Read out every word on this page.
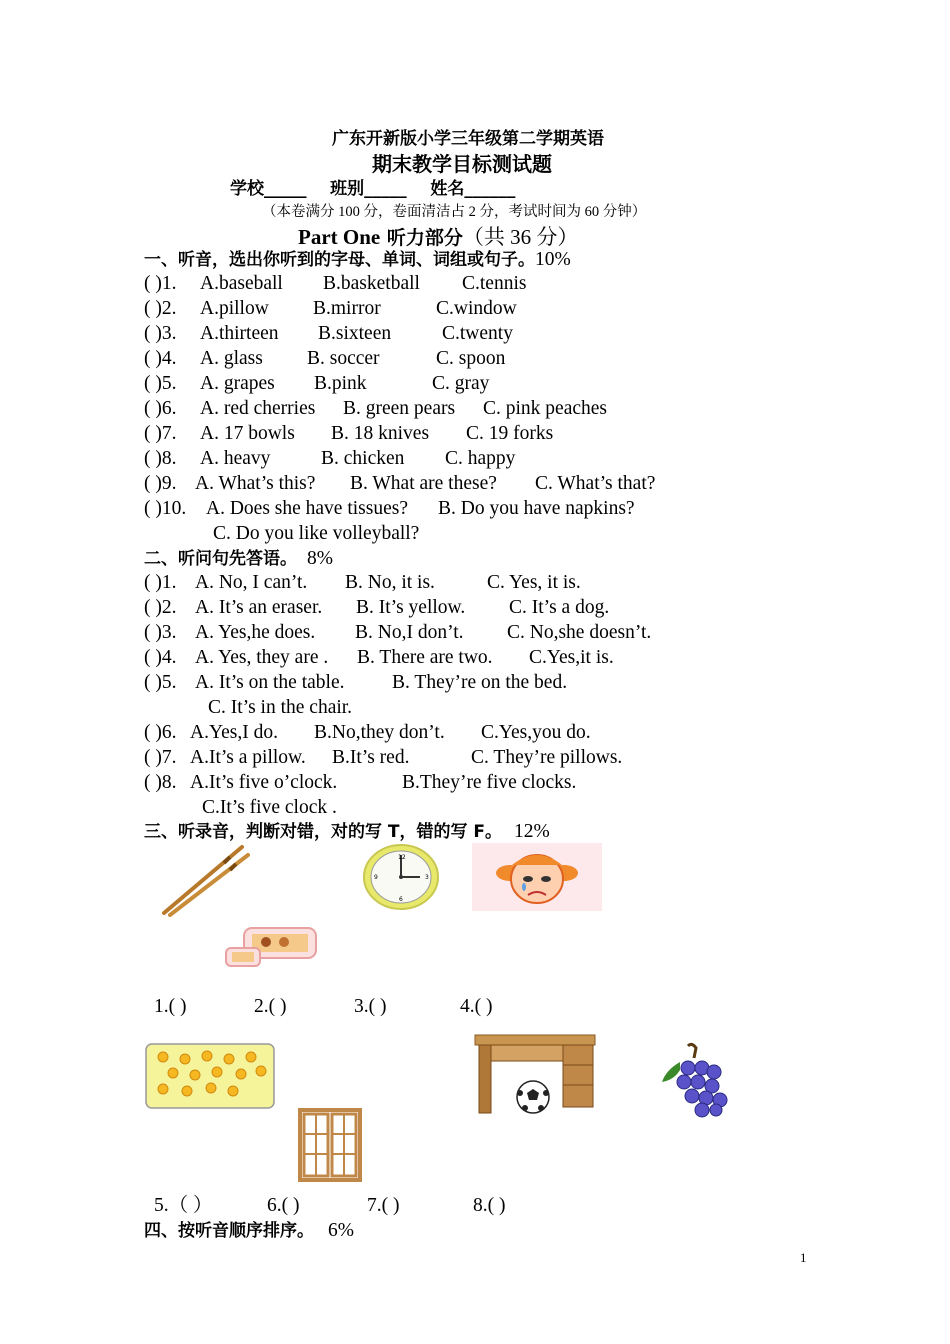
广东开新版小学三年级第二学期英语
期末教学目标测试题
学校_____    班别_____    姓名______
（本卷满分 100 分，卷面清洁占 2 分，考试时间为 60 分钟）
Part One 听力部分（共 36 分）
一、听音，选出你听到的字母、单词、词组或句子。10%
( )1. A.baseball B.basketball C.tennis
( )2. A.pillow B.mirror	C.window
( )3. A.thirteen B.sixteen	C.twenty
( )4. A. glass B. soccer	C. spoon
( )5. A. grapes B.pink	C. gray
( )6. A. red cherries B. green pears C. pink peaches
( )7. A. 17 bowls B. 18 knives C. 19 forks
( )8. A. heavy	B. chicken C. happy
( )9. A. What’s this? B. What are these? C. What’s that?
( )10. A. Does she have tissues? B. Do you have napkins?
C. Do you like volleyball?
二、听问句先答语。 8%
( )1. A. No, I can’t. B. No, it is.	C. Yes, it is.
( )2. A. It’s an eraser. B. It’s yellow. C. It’s a dog.
( )3. A. Yes,he does. B. No,I don’t. C. No,she doesn’t.
( )4. A. Yes, they are . B. There are two. C.Yes,it is.
( )5. A. It’s on the table. B. They’re on the bed.
C. It’s in the chair.
( )6. A.Yes,I do. B.No,they don’t. C.Yes,you do.
( )7. A.It’s a pillow. B.It’s red.	C. They’re pillows.
( )8. A.It’s five o’clock.	B.They’re five clocks.
C.It’s five clock .
三、听录音，判断对错，对的写 T，错的写 F。 12%
12
3
6
9
1.( )	2.( )	3.( )	4.( )
5.（ ）	6.( )	7.( )	8.( )
四、按听音顺序排序。 6%
1
